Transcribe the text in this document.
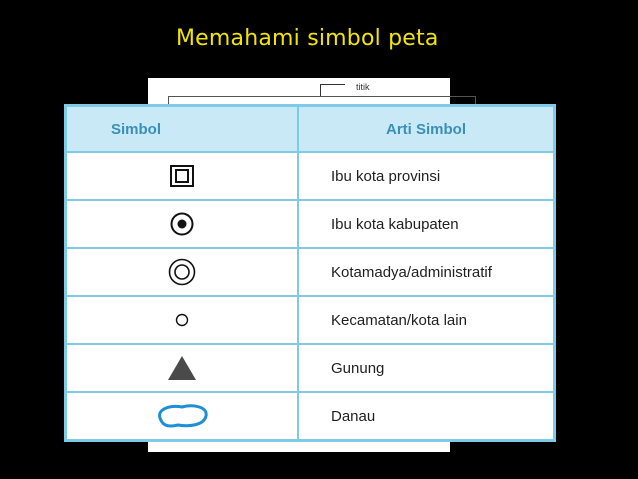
Memahami simbol peta
titik
Simbol	Arti Simbol
	Ibu kota provinsi
	Ibu kota kabupaten
	Kotamadya/administratif
	Kecamatan/kota lain
	Gunung
	Danau
